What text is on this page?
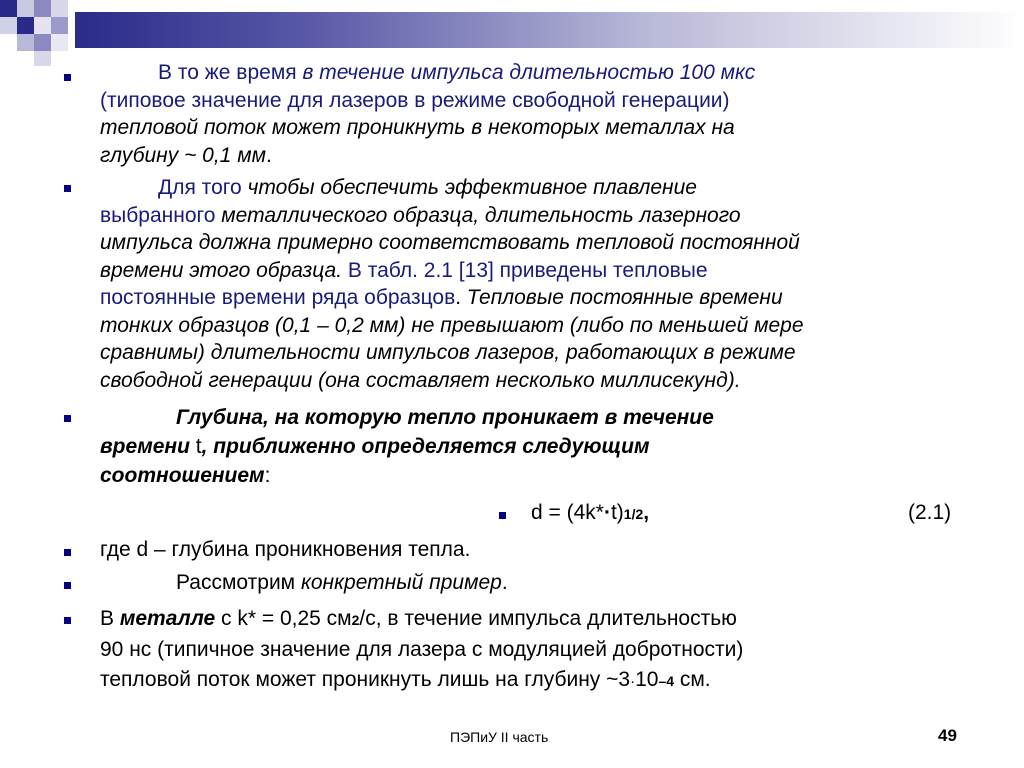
В то же время в течение импульса длительностью 100 мкс
(типовое значение для лазеров в режиме свободной генерации)
тепловой поток может проникнуть в некоторых металлах на
глубину ~ 0,1 мм.
Для того чтобы обеспечить эффективное плавление
выбранного металлического образца, длительность лазерного
импульса должна примерно соответствовать тепловой постоянной
времени этого образца. В табл. 2.1 [13] приведены тепловые
постоянные времени ряда образцов. Тепловые постоянные времени
тонких образцов (0,1 – 0,2 мм) не превышают (либо по меньшей мере
сравнимы) длительности импульсов лазеров, работающих в режиме
свободной генерации (она составляет несколько миллисекунд).
Глубина, на которую тепло проникает в течение
времени t, приближенно определяется следующим
соотношением:
d = (4k*·t)1/2,	(2.1)
где d – глубина проникновения тепла.
Рассмотрим конкретный пример.
В металле с k* = 0,25 см2/с, в течение импульса длительностью
90 нс (типичное значение для лазера с модуляцией добротности)
тепловой поток может проникнуть лишь на глубину ~3·10–4 см.
ПЭПиУ II часть	49
